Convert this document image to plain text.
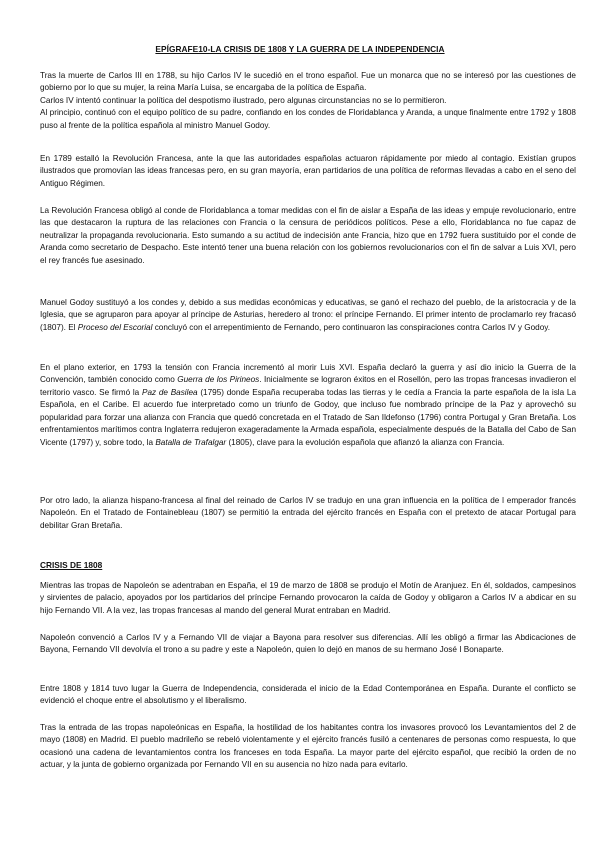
EPÍGRAFE10-LA CRISIS DE 1808 Y LA GUERRA DE LA INDEPENDENCIA

Tras la muerte de Carlos III en 1788, su hijo Carlos IV le sucedió en el trono español. Fue un monarca que no se interesó por las cuestiones de gobierno por lo que su mujer, la reina María Luisa, se encargaba de la política de España.
Carlos IV intentó continuar la política del despotismo ilustrado, pero algunas circunstancias no se lo permitieron.
Al principio, continuó con el equipo político de su padre, confiando en los condes de Floridablanca y Aranda, a unque finalmente entre 1792 y 1808 puso al frente de la política española al ministro Manuel Godoy.

En 1789 estalló la Revolución Francesa, ante la que las autoridades españolas actuaron rápidamente por miedo al contagio. Existían grupos ilustrados que promovían las ideas francesas pero, en su gran mayoría, eran partidarios de una política de reformas llevadas a cabo en el seno del Antiguo Régimen.

La Revolución Francesa obligó al conde de Floridablanca a tomar medidas con el fin de aislar a España de las ideas y empuje revolucionario, entre las que destacaron la ruptura de las relaciones con Francia o la censura de periódicos políticos. Pese a ello, Floridablanca no fue capaz de neutralizar la propaganda revolucionaria. Esto sumando a su actitud de indecisión ante Francia, hizo que en 1792 fuera sustituido por el conde de Aranda como secretario de Despacho. Este intentó tener una buena relación con los gobiernos revolucionarios con el fin de salvar a Luis XVI, pero el rey francés fue asesinado.

Manuel Godoy sustituyó a los condes y, debido a sus medidas económicas y educativas, se ganó el rechazo del pueblo, de la aristocracia y de la Iglesia, que se agruparon para apoyar al príncipe de Asturias, heredero al trono: el príncipe Fernando. El primer intento de proclamarlo rey fracasó (1807). El Proceso del Escorial concluyó con el arrepentimiento de Fernando, pero continuaron las conspiraciones contra Carlos IV y Godoy.

En el plano exterior, en 1793 la tensión con Francia incrementó al morir Luis XVI. España declaró la guerra y así dio inicio la Guerra de la Convención, también conocido como Guerra de los Pirineos. Inicialmente se lograron éxitos en el Rosellón, pero las tropas francesas invadieron el territorio vasco. Se firmó la Paz de Basilea (1795) donde España recuperaba todas las tierras y le cedía a Francia la parte española de la isla La Española, en el Caribe. El acuerdo fue interpretado como un triunfo de Godoy, que incluso fue nombrado príncipe de la Paz y aprovechó su popularidad para forzar una alianza con Francia que quedó concretada en el Tratado de San Ildefonso (1796) contra Portugal y Gran Bretaña. Los enfrentamientos marítimos contra Inglaterra redujeron exageradamente la Armada española, especialmente después de la Batalla del Cabo de San Vicente (1797) y, sobre todo, la Batalla de Trafalgar (1805), clave para la evolución española que afianzó la alianza con Francia.

Por otro lado, la alianza hispano-francesa al final del reinado de Carlos IV se tradujo en una gran influencia en la política de l emperador francés Napoleón. En el Tratado de Fontainebleau (1807) se permitió la entrada del ejército francés en España con el pretexto de atacar Portugal para debilitar Gran Bretaña.

CRISIS DE 1808

Mientras las tropas de Napoleón se adentraban en España, el 19 de marzo de 1808 se produjo el Motín de Aranjuez. En él, soldados, campesinos y sirvientes de palacio, apoyados por los partidarios del príncipe Fernando provocaron la caída de Godoy y obligaron a Carlos IV a abdicar en su hijo Fernando VII. A la vez, las tropas francesas al mando del general Murat entraban en Madrid.

Napoleón convenció a Carlos IV y a Fernando VII de viajar a Bayona para resolver sus diferencias. Allí les obligó a firmar las Abdicaciones de Bayona, Fernando VII devolvía el trono a su padre y este a Napoleón, quien lo dejó en manos de su hermano José I Bonaparte.

Entre 1808 y 1814 tuvo lugar la Guerra de Independencia, considerada el inicio de la Edad Contemporánea en España. Durante el conflicto se evidenció el choque entre el absolutismo y el liberalismo.

Tras la entrada de las tropas napoleónicas en España, la hostilidad de los habitantes contra los invasores provocó los Levantamientos del 2 de mayo (1808) en Madrid. El pueblo madrileño se rebeló violentamente y el ejército francés fusiló a centenares de personas como respuesta, lo que ocasionó una cadena de levantamientos contra los franceses en toda España. La mayor parte del ejército español, que recibió la orden de no actuar, y la junta de gobierno organizada por Fernando VII en su ausencia no hizo nada para evitarlo.
